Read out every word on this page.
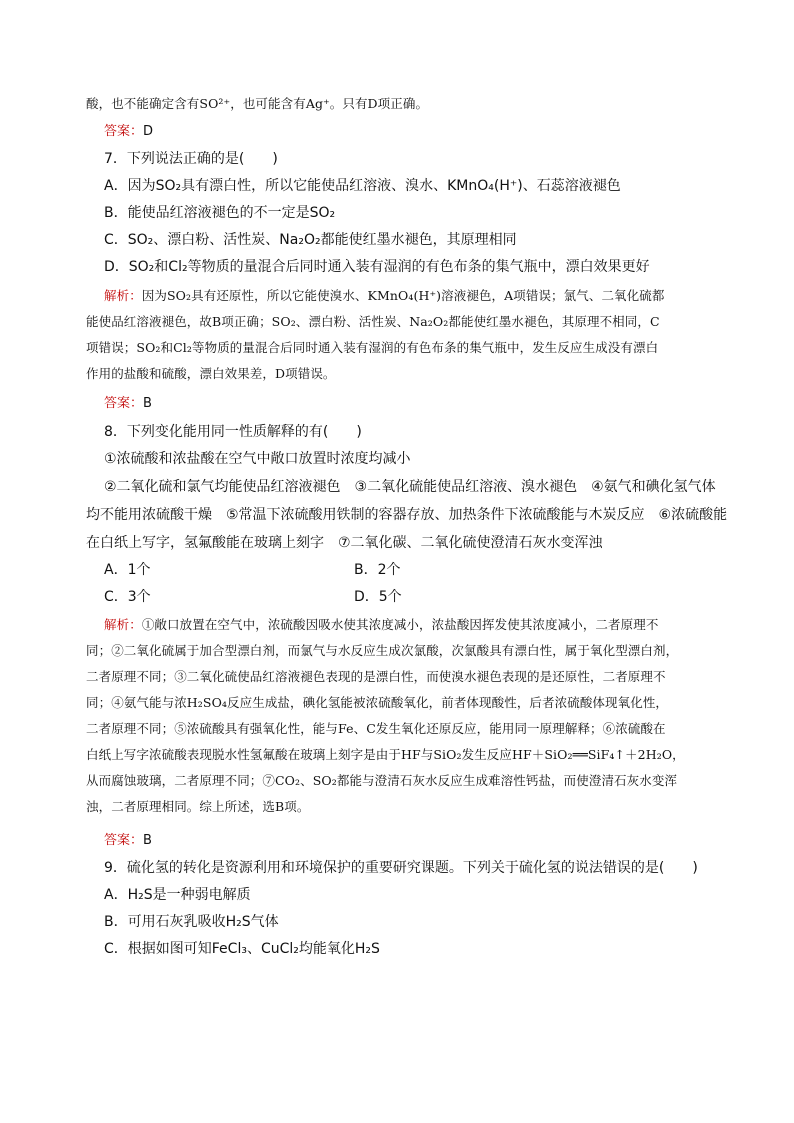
酸，也不能确定含有SO²⁺，也可能含有Ag⁺。只有D项正确。
答案：D
7．下列说法正确的是(　　)
A．因为SO₂具有漂白性，所以它能使品红溶液、溴水、KMnO₄(H⁺)、石蕊溶液褪色
B．能使品红溶液褪色的不一定是SO₂
C．SO₂、漂白粉、活性炭、Na₂O₂都能使红墨水褪色，其原理相同
D．SO₂和Cl₂等物质的量混合后同时通入装有湿润的有色布条的集气瓶中，漂白效果更好
解析：因为SO₂具有还原性，所以它能使溴水、KMnO₄(H⁺)溶液褪色，A项错误；氯气、二氧化硫都
能使品红溶液褪色，故B项正确；SO₂、漂白粉、活性炭、Na₂O₂都能使红墨水褪色，其原理不相同，C
项错误；SO₂和Cl₂等物质的量混合后同时通入装有湿润的有色布条的集气瓶中，发生反应生成没有漂白
作用的盐酸和硫酸，漂白效果差，D项错误。
答案：B
8．下列变化能用同一性质解释的有(　　)
①浓硫酸和浓盐酸在空气中敞口放置时浓度均减小
②二氧化硫和氯气均能使品红溶液褪色　③二氧化硫能使品红溶液、溴水褪色　④氨气和碘化氢气体
均不能用浓硫酸干燥　⑤常温下浓硫酸用铁制的容器存放、加热条件下浓硫酸能与木炭反应　⑥浓硫酸能
在白纸上写字，氢氟酸能在玻璃上刻字　⑦二氧化碳、二氧化硫使澄清石灰水变浑浊
A．1个	B．2个
C．3个	D．5个
解析：①敞口放置在空气中，浓硫酸因吸水使其浓度减小，浓盐酸因挥发使其浓度减小，二者原理不
同；②二氧化硫属于加合型漂白剂，而氯气与水反应生成次氯酸，次氯酸具有漂白性，属于氧化型漂白剂，
二者原理不同；③二氧化硫使品红溶液褪色表现的是漂白性，而使溴水褪色表现的是还原性，二者原理不
同；④氨气能与浓H₂SO₄反应生成盐，碘化氢能被浓硫酸氧化，前者体现酸性，后者浓硫酸体现氧化性，
二者原理不同；⑤浓硫酸具有强氧化性，能与Fe、C发生氧化还原反应，能用同一原理解释；⑥浓硫酸在
白纸上写字浓硫酸表现脱水性氢氟酸在玻璃上刻字是由于HF与SiO₂发生反应HF＋SiO₂══SiF₄↑＋2H₂O，
从而腐蚀玻璃，二者原理不同；⑦CO₂、SO₂都能与澄清石灰水反应生成难溶性钙盐，而使澄清石灰水变浑
浊，二者原理相同。综上所述，选B项。
答案：B
9．硫化氢的转化是资源利用和环境保护的重要研究课题。下列关于硫化氢的说法错误的是(　　)
A．H₂S是一种弱电解质
B．可用石灰乳吸收H₂S气体
C．根据如图可知FeCl₃、CuCl₂均能氧化H₂S
